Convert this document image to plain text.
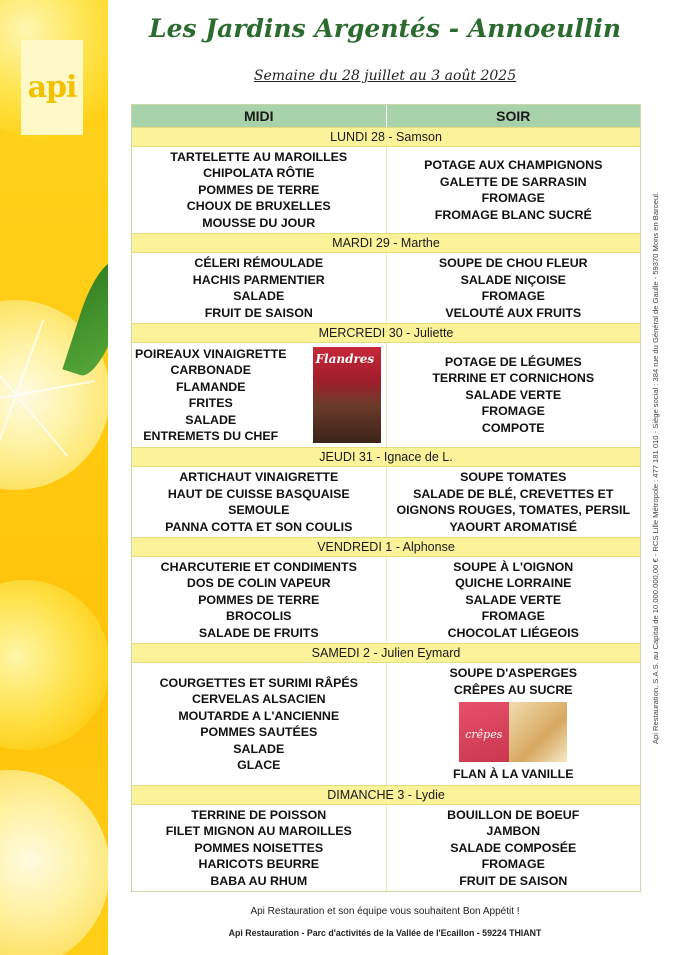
api
Les Jardins Argentés - Annoeullin

Semaine du 28 juillet au 3 août 2025

MIDI	SOIR
LUNDI 28 - Samson
TARTELETTE AU MAROILLES
CHIPOLATA RÔTIE
POMMES DE TERRE
CHOUX DE BRUXELLES
MOUSSE DU JOUR
POTAGE AUX CHAMPIGNONS
GALETTE DE SARRASIN
FROMAGE
FROMAGE BLANC SUCRÉ
MARDI 29 - Marthe
CÉLERI RÉMOULADE
HACHIS PARMENTIER
SALADE
FRUIT DE SAISON
SOUPE DE CHOU FLEUR
SALADE NIÇOISE
FROMAGE
VELOUTÉ AUX FRUITS
MERCREDI 30 - Juliette
POIREAUX VINAIGRETTE
CARBONADE
FLAMANDE
FRITES
SALADE
ENTREMETS DU CHEF
Flandres	POTAGE DE LÉGUMES
TERRINE ET CORNICHONS
SALADE VERTE
FROMAGE
COMPOTE
JEUDI 31 - Ignace de L.
ARTICHAUT VINAIGRETTE
HAUT DE CUISSE BASQUAISE
SEMOULE
PANNA COTTA ET SON COULIS
SOUPE TOMATES
SALADE DE BLÉ, CREVETTES ET
OIGNONS ROUGES, TOMATES, PERSIL
YAOURT AROMATISÉ
VENDREDI 1 - Alphonse
CHARCUTERIE ET CONDIMENTS
DOS DE COLIN VAPEUR
POMMES DE TERRE
BROCOLIS
SALADE DE FRUITS
SOUPE À L'OIGNON
QUICHE LORRAINE
SALADE VERTE
FROMAGE
CHOCOLAT LIÉGEOIS
SAMEDI 2 - Julien Eymard
COURGETTES ET SURIMI RÂPÉS
CERVELAS ALSACIEN
MOUTARDE A L'ANCIENNE
POMMES SAUTÉES
SALADE
GLACE
SOUPE D'ASPERGES
CRÊPES AU SUCRE
crêpes
FLAN À LA VANILLE
DIMANCHE 3 - Lydie
TERRINE DE POISSON
FILET MIGNON AU MAROILLES
POMMES NOISETTES
HARICOTS BEURRE
BABA AU RHUM
BOUILLON DE BOEUF
JAMBON
SALADE COMPOSÉE
FROMAGE
FRUIT DE SAISON

Api Restauration et son équipe vous souhaitent Bon Appétit !

Api Restauration - Parc d'activités de la Vallée de l'Ecaillon - 59224 THIANT

Api Restauration, S.A.S. au Capital de 10.000.000,00 € - RCS Lille Métropole : 477 181 010 - Siège social : 384 rue du Général de Gaulle - 59370 Mons en Baroeul.
